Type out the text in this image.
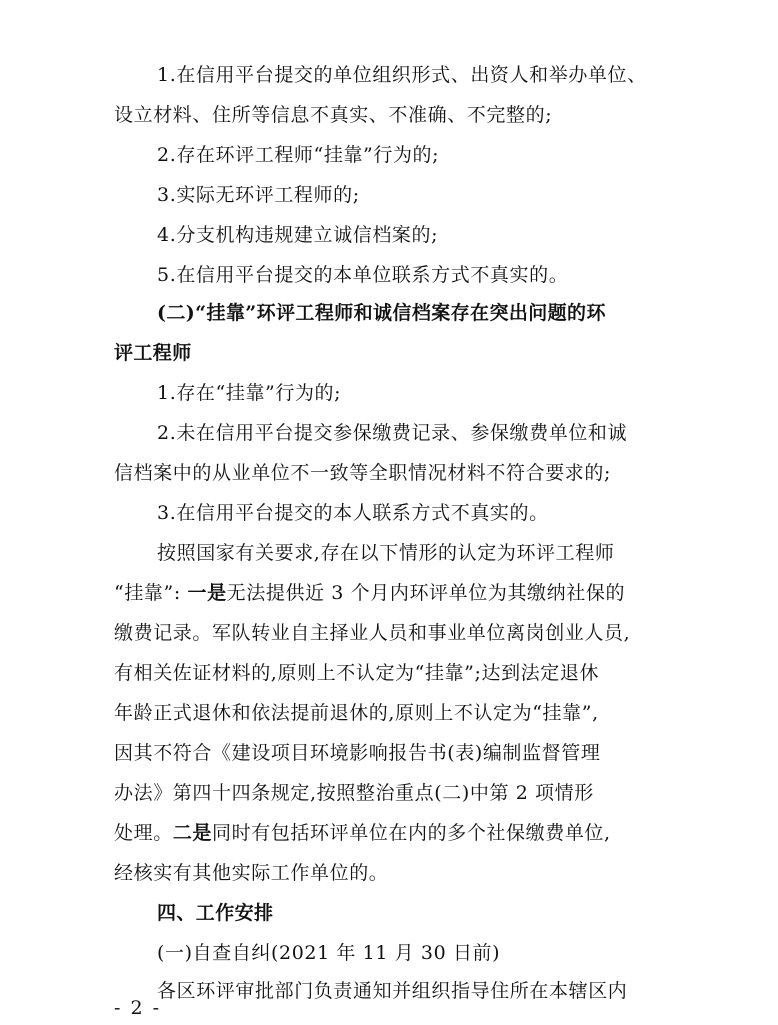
1.在信用平台提交的单位组织形式、出资人和举办单位、
设立材料、住所等信息不真实、不准确、不完整的;
2.存在环评工程师“挂靠”行为的;
3.实际无环评工程师的;
4.分支机构违规建立诚信档案的;
5.在信用平台提交的本单位联系方式不真实的。
(二)“挂靠”环评工程师和诚信档案存在突出问题的环
评工程师
1.存在“挂靠”行为的;
2.未在信用平台提交参保缴费记录、参保缴费单位和诚
信档案中的从业单位不一致等全职情况材料不符合要求的;
3.在信用平台提交的本人联系方式不真实的。
按照国家有关要求,存在以下情形的认定为环评工程师
“挂靠”: 一是无法提供近 3 个月内环评单位为其缴纳社保的
缴费记录。军队转业自主择业人员和事业单位离岗创业人员,
有相关佐证材料的,原则上不认定为“挂靠”;达到法定退休
年龄正式退休和依法提前退休的,原则上不认定为“挂靠”,
因其不符合《建设项目环境影响报告书(表)编制监督管理
办法》第四十四条规定,按照整治重点(二)中第 2 项情形
处理。二是同时有包括环评单位在内的多个社保缴费单位,
经核实有其他实际工作单位的。
四、工作安排
(一)自查自纠(2021 年 11 月 30 日前)
各区环评审批部门负责通知并组织指导住所在本辖区内
- 2 -
